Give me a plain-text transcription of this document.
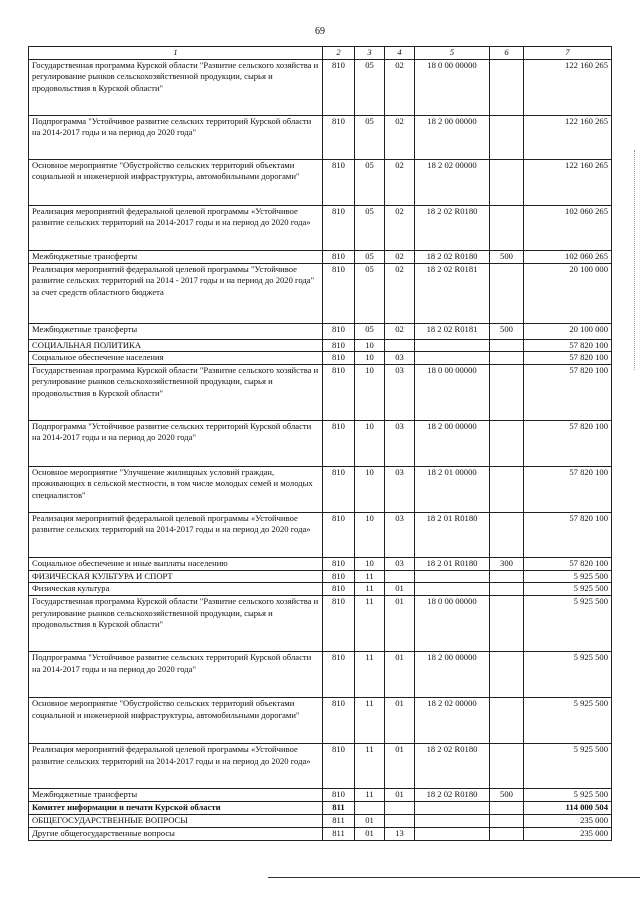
69
1	2	3	4	5	6	7
Государственная программа Курской области "Развитие сельского хозяйства и регулирование рынков сельскохозяйственной продукции, сырья и продовольствия в Курской области"	810	05	02	18 0 00 00000		122 160 265
Подпрограмма "Устойчивое развитие сельских территорий Курской области на 2014-2017 годы и на период до 2020 года"	810	05	02	18 2 00 00000		122 160 265
Основное мероприятие "Обустройство сельских территорий объектами социальной и инженерной инфраструктуры, автомобильными дорогами"	810	05	02	18 2 02 00000		122 160 265
Реализация мероприятий федеральной целевой программы «Устойчивое развитие сельских территорий на 2014-2017 годы и на период до 2020 года»	810	05	02	18 2 02 R0180		102 060 265
Межбюджетные трансферты	810	05	02	18 2 02 R0180	500	102 060 265
Реализация мероприятий федеральной целевой программы "Устойчивое развитие сельских территорий на 2014 - 2017 годы и на период до 2020 года" за счет средств областного бюджета	810	05	02	18 2 02 R0181		20 100 000
Межбюджетные трансферты	810	05	02	18 2 02 R0181	500	20 100 000
СОЦИАЛЬНАЯ ПОЛИТИКА	810	10				57 820 100
Социальное обеспечение населения	810	10	03			57 820 100
Государственная программа Курской области "Развитие сельского хозяйства и регулирование рынков сельскохозяйственной продукции, сырья и продовольствия в Курской области"	810	10	03	18 0 00 00000		57 820 100
Подпрограмма "Устойчивое развитие сельских территорий Курской области на 2014-2017 годы и на период до 2020 года"	810	10	03	18 2 00 00000		57 820 100
Основное мероприятие "Улучшение жилищных условий граждан, проживающих в сельской местности, в том числе молодых семей и молодых специалистов"	810	10	03	18 2 01 00000		57 820 100
Реализация мероприятий федеральной целевой программы «Устойчивое развитие сельских территорий на 2014-2017 годы и на период до 2020 года»	810	10	03	18 2 01 R0180		57 820 100
Социальное обеспечение и иные выплаты населению	810	10	03	18 2 01 R0180	300	57 820 100
ФИЗИЧЕСКАЯ КУЛЬТУРА И СПОРТ	810	11				5 925 500
Физическая культура	810	11	01			5 925 500
Государственная программа Курской области "Развитие сельского хозяйства и регулирование рынков сельскохозяйственной продукции, сырья и продовольствия в Курской области"	810	11	01	18 0 00 00000		5 925 500
Подпрограмма "Устойчивое развитие сельских территорий Курской области на 2014-2017 годы и на период до 2020 года"	810	11	01	18 2 00 00000		5 925 500
Основное мероприятие "Обустройство сельских территорий объектами социальной и инженерной инфраструктуры, автомобильными дорогами"	810	11	01	18 2 02 00000		5 925 500
Реализация мероприятий федеральной целевой программы «Устойчивое развитие сельских территорий на 2014-2017 годы и на период до 2020 года»	810	11	01	18 2 02 R0180		5 925 500
Межбюджетные трансферты	810	11	01	18 2 02 R0180	500	5 925 500
Комитет информации и печати Курской области	811					114 000 504
ОБЩЕГОСУДАРСТВЕННЫЕ ВОПРОСЫ	811	01				235 000
Другие общегосударственные вопросы	811	01	13			235 000
